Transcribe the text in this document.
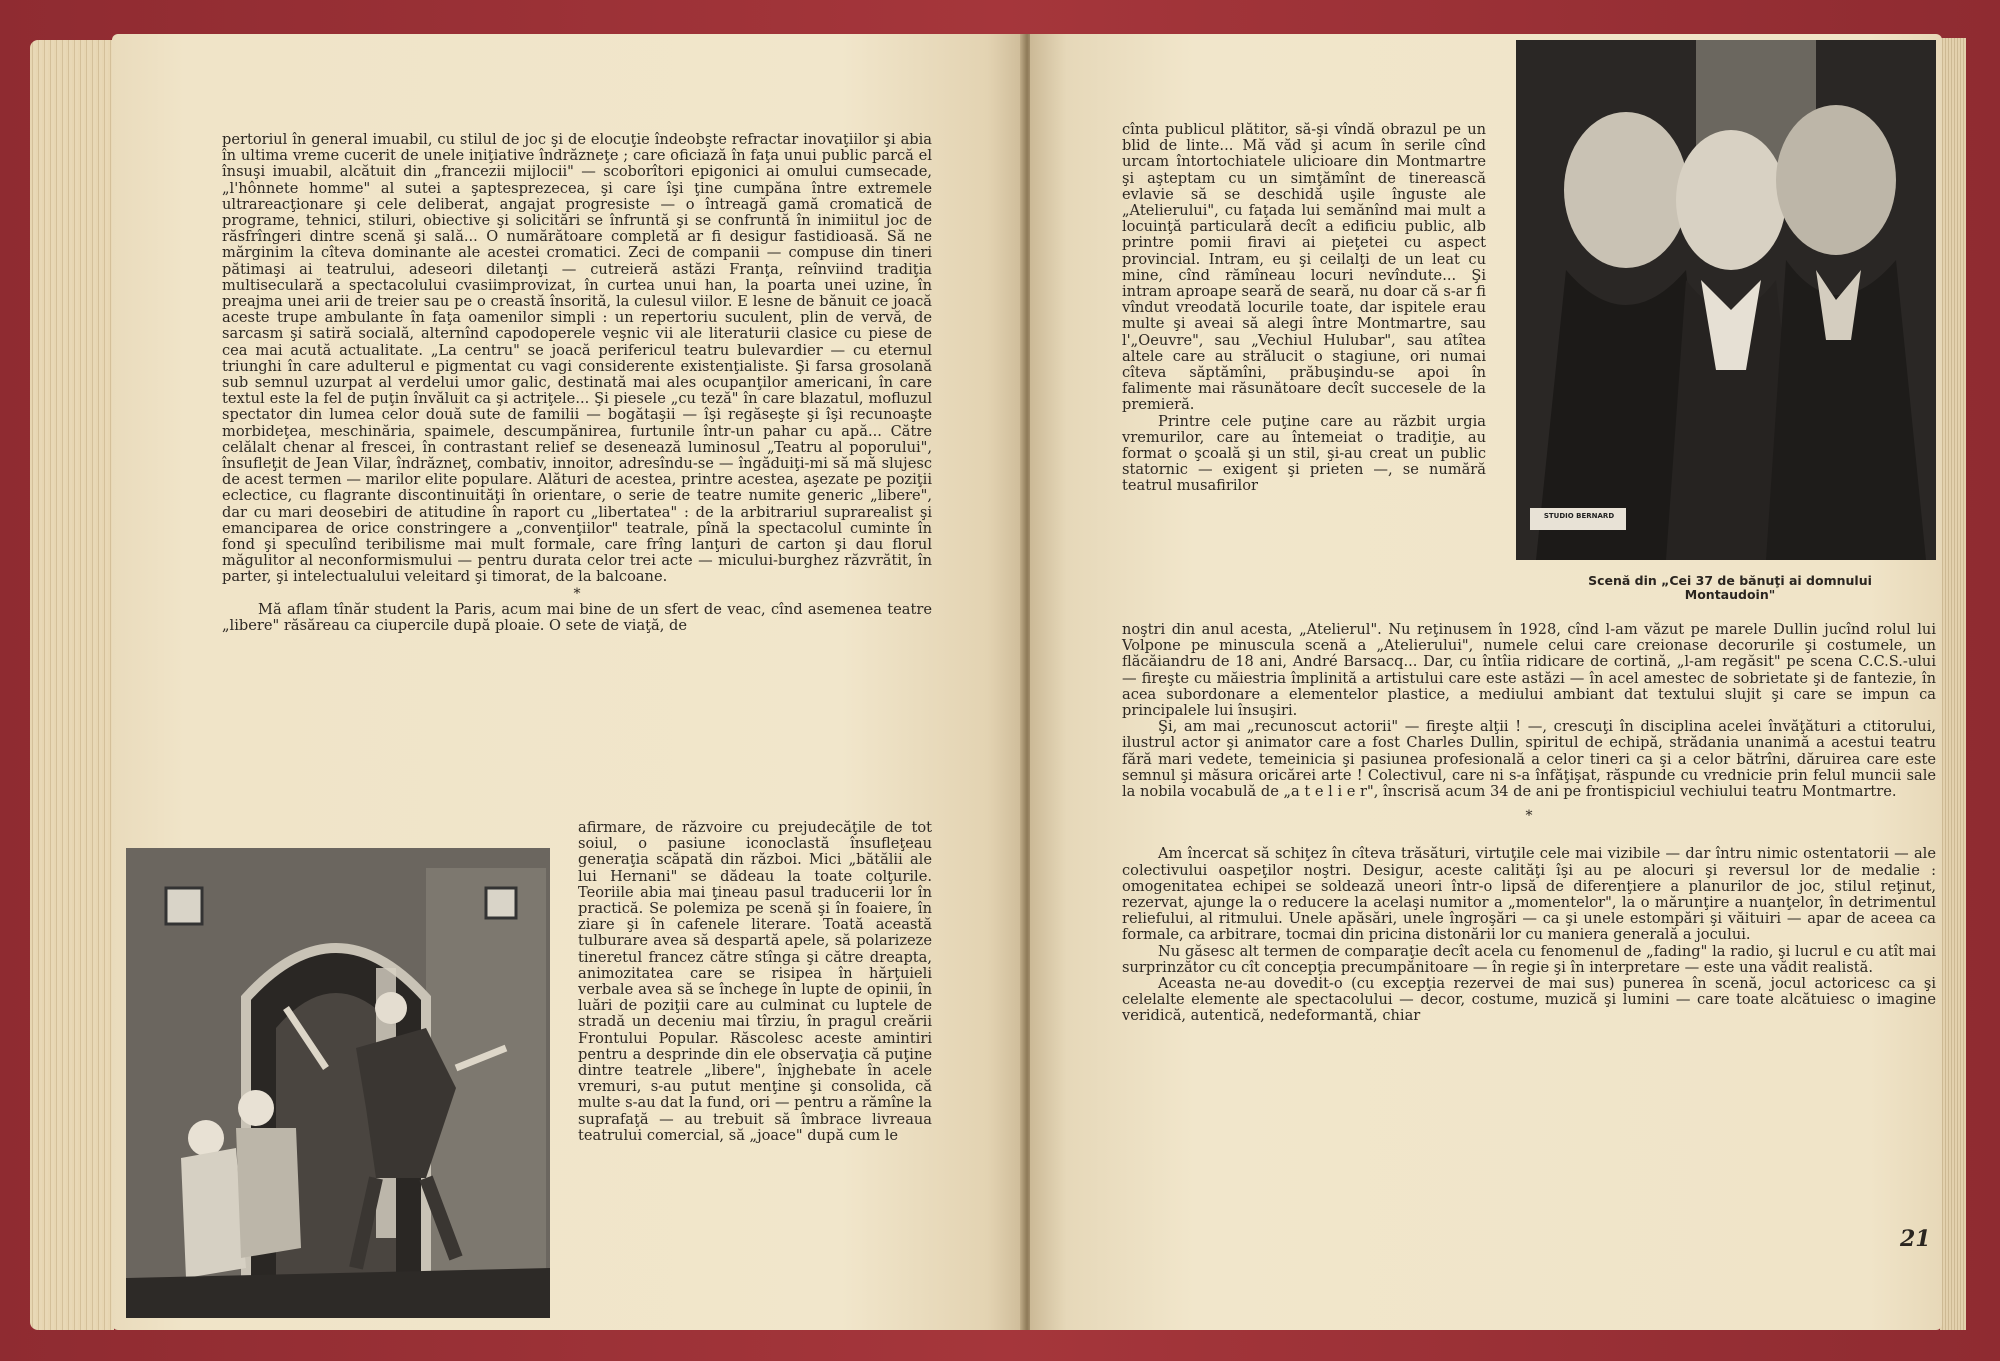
pertoriul în general imuabil, cu stilul de joc şi de elocuţie îndeobşte refractar inovaţiilor şi abia în ultima vreme cucerit de unele iniţiative îndrăzneţe ; care oficiază în faţa unui public parcă el însuşi imuabil, alcătuit din „francezii mijlocii" — scoborîtori epigonici ai omului cumsecade, „l'hônnete homme" al sutei a şaptesprezecea, şi care îşi ţine cumpăna între extremele ultrareacţionare şi cele deliberat, angajat progresiste — o întreagă gamă cromatică de programe, tehnici, stiluri, obiective şi solicitări se înfruntă şi se confruntă în inimiitul joc de răsfrîngeri dintre scenă şi sală... O numărătoare completă ar fi desigur fastidioasă. Să ne mărginim la cîteva dominante ale acestei cromatici. Zeci de companii — compuse din tineri pătimaşi ai teatrului, adeseori diletanţi — cutreieră astăzi Franţa, reînviind tradiţia multiseculară a spectacolului cvasiimprovizat, în curtea unui han, la poarta unei uzine, în preajma unei arii de treier sau pe o creastă însorită, la culesul viilor. E lesne de bănuit ce joacă aceste trupe ambulante în faţa oamenilor simpli : un repertoriu suculent, plin de vervă, de sarcasm şi satiră socială, alternînd capodoperele veşnic vii ale literaturii clasice cu piese de cea mai acută actualitate. „La centru" se joacă perifericul teatru bulevardier — cu eternul triunghi în care adulterul e pigmentat cu vagi considerente existenţialiste. Şi farsa grosolană sub semnul uzurpat al verdelui umor galic, destinată mai ales ocupanţilor americani, în care textul este la fel de puţin învăluit ca şi actriţele... Şi piesele „cu teză" în care blazatul, mofluzul spectator din lumea celor două sute de familii — bogătaşii — îşi regăseşte şi îşi recunoaşte morbideţea, meschinăria, spaimele, descumpănirea, furtunile într-un pahar cu apă... Către celălalt chenar al frescei, în contrastant relief se desenează luminosul „Teatru al poporului", însufleţit de Jean Vilar, îndrăzneţ, combativ, innoitor, adresîndu-se — îngăduiţi-mi să mă slujesc de acest termen — marilor elite populare. Alături de acestea, printre acestea, aşezate pe poziţii eclectice, cu flagrante discontinuităţi în orientare, o serie de teatre numite generic „libere", dar cu mari deosebiri de atitudine în raport cu „libertatea" : de la arbitrariul suprarealist şi emanciparea de orice constringere a „convenţiilor" teatrale, pînă la spectacolul cuminte în fond şi speculînd teribilisme mai mult formale, care frîng lanţuri de carton şi dau florul măgulitor al neconformismului — pentru durata celor trei acte — micului-burghez răzvrătit, în parter, şi intelectualului veleitard şi timorat, de la balcoane.

*

Mă aflam tînăr student la Paris, acum mai bine de un sfert de veac, cînd asemenea teatre „libere" răsăreau ca ciupercile după ploaie. O sete de viaţă, de

afirmare, de răzvoire cu prejudecăţile de tot soiul, o pasiune iconoclastă însufleţeau generaţia scăpată din război. Mici „bătălii ale lui Hernani" se dădeau la toate colţurile. Teoriile abia mai ţineau pasul traducerii lor în practică. Se polemiza pe scenă şi în foaiere, în ziare şi în cafenele literare. Toată această tulburare avea să despartă apele, să polarizeze tineretul francez către stînga şi către dreapta, animozitatea care se risipea în hărţuieli verbale avea să se închege în lupte de opinii, în luări de poziţii care au culminat cu luptele de stradă un deceniu mai tîrziu, în pragul creării Frontului Popular. Răscolesc aceste amintiri pentru a desprinde din ele observaţia că puţine dintre teatrele „libere", înjghebate în acele vremuri, s-au putut menţine şi consolida, că multe s-au dat la fund, ori — pentru a rămîne la suprafaţă — au trebuit să îmbrace livreaua teatrului comercial, să „joace" după cum le

cînta publicul plătitor, să-şi vîndă obrazul pe un blid de linte... Mă văd şi acum în serile cînd urcam întortochiatele ulicioare din Montmartre şi aşteptam cu un simţămînt de tinerească evlavie să se deschidă uşile înguste ale „Atelierului", cu faţada lui semănînd mai mult a locuinţă particulară decît a edificiu public, alb printre pomii firavi ai pieţetei cu aspect provincial. Intram, eu şi ceilalţi de un leat cu mine, cînd rămîneau locuri nevîndute... Şi intram aproape seară de seară, nu doar că s-ar fi vîndut vreodată locurile toate, dar ispitele erau multe şi aveai să alegi între Montmartre, sau l'„Oeuvre", sau „Vechiul Hulubar", sau atîtea altele care au strălucit o stagiune, ori numai cîteva săptămîni, prăbuşindu-se apoi în falimente mai răsunătoare decît succesele de la premieră.

Printre cele puţine care au răzbit urgia vremurilor, care au întemeiat o tradiţie, au format o şcoală şi un stil, şi-au creat un public statornic — exigent şi prieten —, se numără teatrul musafirilor

STUDIO BERNARD
Scenă din „Cei 37 de bănuţi ai domnului
Montaudoin"

noştri din anul acesta, „Atelierul". Nu reţinusem în 1928, cînd l-am văzut pe marele Dullin jucînd rolul lui Volpone pe minuscula scenă a „Atelierului", numele celui care creionase decorurile şi costumele, un flăcăiandru de 18 ani, André Barsacq... Dar, cu întîia ridicare de cortină, „l-am regăsit" pe scena C.C.S.-ului — fireşte cu măiestria împlinită a artistului care este astăzi — în acel amestec de sobrietate şi de fantezie, în acea subordonare a elementelor plastice, a mediului ambiant dat textului slujit şi care se impun ca principalele lui însuşiri.

Şi, am mai „recunoscut actorii" — fireşte alţii ! —, crescuţi în disciplina acelei învăţături a ctitorului, ilustrul actor şi animator care a fost Charles Dullin, spiritul de echipă, strădania unanimă a acestui teatru fără mari vedete, temeinicia şi pasiunea profesională a celor tineri ca şi a celor bătrîni, dăruirea care este semnul şi măsura oricărei arte ! Colectivul, care ni s-a înfăţişat, răspunde cu vrednicie prin felul muncii sale la nobila vocabulă de „a t e l i e r", înscrisă acum 34 de ani pe frontispiciul vechiului teatru Montmartre.

*

Am încercat să schiţez în cîteva trăsături, virtuţile cele mai vizibile — dar întru nimic ostentatorii — ale colectivului oaspeţilor noştri. Desigur, aceste calităţi îşi au pe alocuri şi reversul lor de medalie : omogenitatea echipei se soldează uneori într-o lipsă de diferenţiere a planurilor de joc, stilul reţinut, rezervat, ajunge la o reducere la acelaşi numitor a „momentelor", la o mărunţire a nuanţelor, în detrimentul reliefului, al ritmului. Unele apăsări, unele îngroşări — ca şi unele estompări şi văituiri — apar de aceea ca formale, ca arbitrare, tocmai din pricina distonării lor cu maniera generală a jocului.

Nu găsesc alt termen de comparaţie decît acela cu fenomenul de „fading" la radio, şi lucrul e cu atît mai surprinzător cu cît concepţia precumpănitoare — în regie şi în interpretare — este una vădit realistă.

Aceasta ne-au dovedit-o (cu excepţia rezervei de mai sus) punerea în scenă, jocul actoricesc ca şi celelalte elemente ale spectacolului — decor, costume, muzică şi lumini — care toate alcătuiesc o imagine veridică, autentică, nedeformantă, chiar

21
